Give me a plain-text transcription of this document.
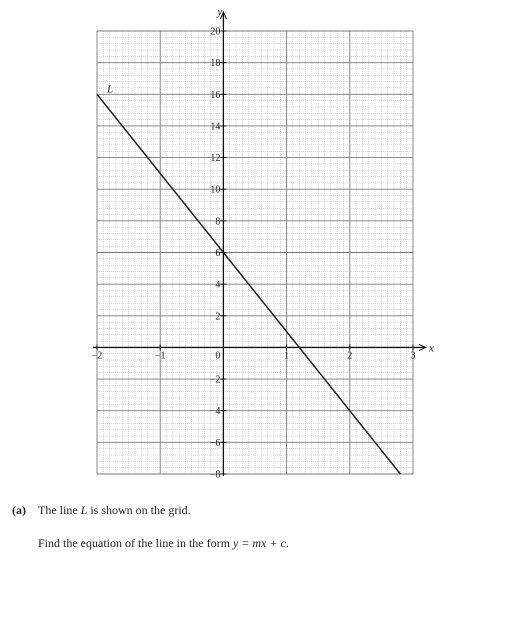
x
y
−2	−1	0	1	2	3
−8
−6
−4
−2
2
4
6
8
10
12
14
16
18
20
L
(a) The line L is shown on the grid.
Find the equation of the line in the form y = mx + c.
